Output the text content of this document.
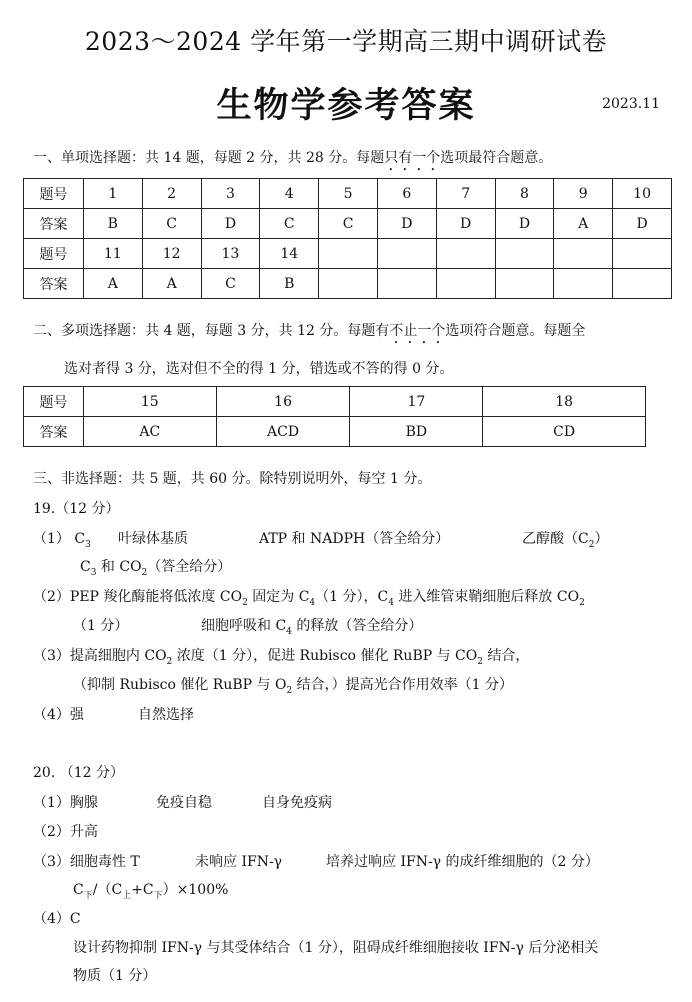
2023～2024 学年第一学期高三期中调研试卷
生物学参考答案	2023.11
一、单项选择题：共 14 题，每题 2 分，共 28 分。每题只有一个选项最符合题意。
题号	1	2	3	4	5	6	7	8	9	10
答案	B	C	D	C	C	D	D	D	A	D
题号	11	12	13	14						
答案	A	A	C	B						
二、多项选择题：共 4 题，每题 3 分，共 12 分。每题有不止一个选项符合题意。每题全
选对者得 3 分，选对但不全的得 1 分，错选或不答的得 0 分。
题号	15	16	17	18
答案	AC	ACD	BD	CD
三、非选择题：共 5 题，共 60 分。除特别说明外，每空 1 分。
19.（12 分）
（1） $C_3$ 叶绿体基质	ATP 和 NADPH（答全给分）	乙醇酸$(C_2)$
$C_3$ 和 $CO_2$（答全给分）
（2）PEP 羧化酶能将低浓度 $CO_2$ 固定为 $C_4(1$ 分），$C_4$ 进入维管束鞘细胞后释放 $CO_2$
（1 分）	细胞呼吸和 $C_4$ 的释放（答全给分）
（3）提高细胞内 $CO_2$ 浓度（1 分），促进 Rubisco 催化 RuBP 与 $CO_2$ 结合，
（抑制 Rubisco 催化 RuBP 与 $O_2$ 结合，）提高光合作用效率（1 分）
（4）强	自然选择
20. （12 分）
（1）胸腺	免疫自稳	自身免疫病
（2）升高
（3）细胞毒性 T	未响应 IFN-γ	培养过响应 IFN-γ 的成纤维细胞的（2 分）
$C_下/(C_上+C_下)\times 100\%$
（4）C
设计药物抑制 IFN-γ 与其受体结合（1 分），阻碍成纤维细胞接收 IFN-γ 后分泌相关
物质（1 分）
